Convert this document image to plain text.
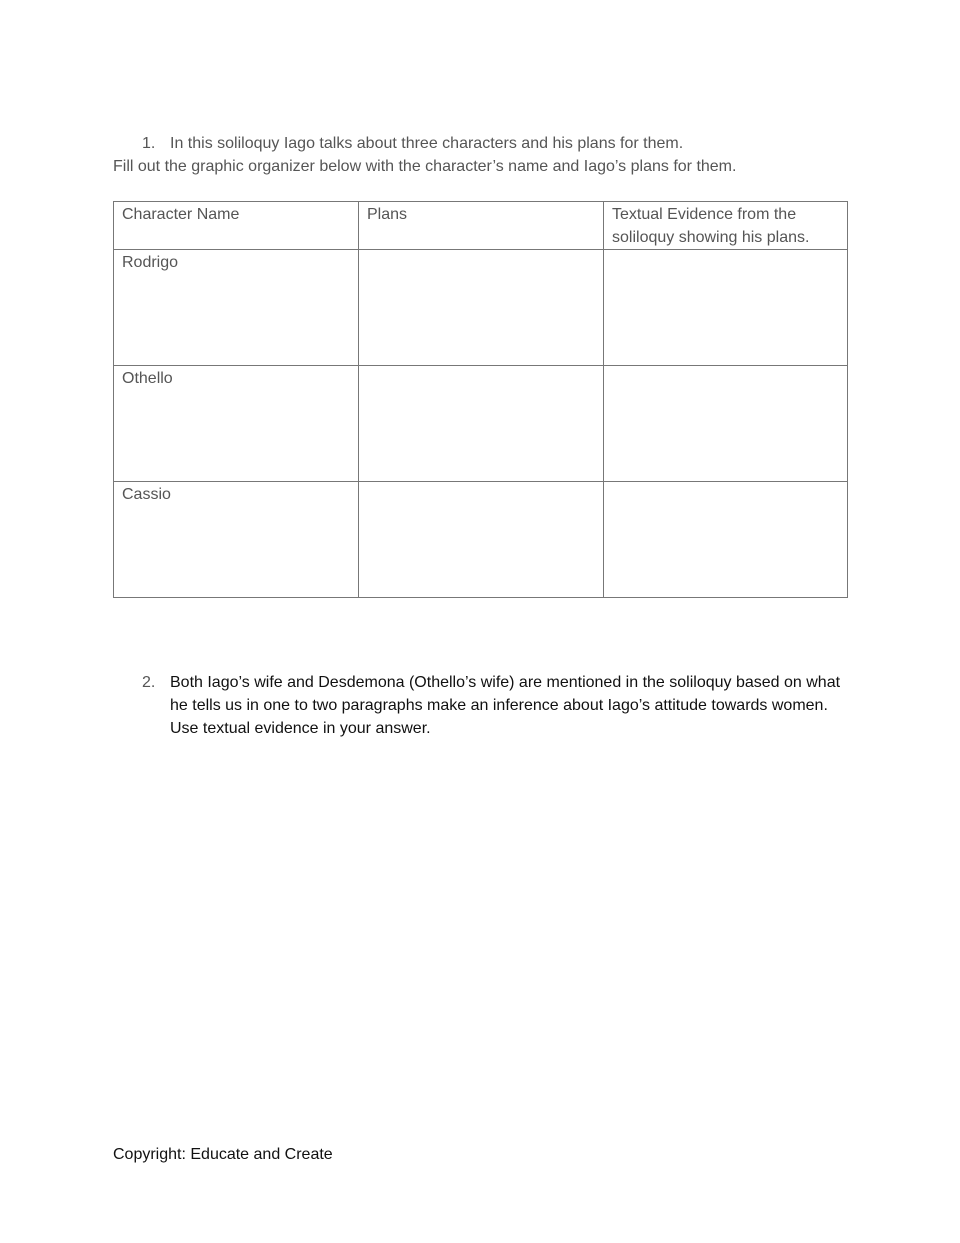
1. In this soliloquy Iago talks about three characters and his plans for them.
Fill out the graphic organizer below with the character’s name and Iago’s plans for them.
Character Name	Plans	Textual Evidence from the soliloquy showing his plans.
Rodrigo		
Othello		
Cassio		
2. Both Iago’s wife and Desdemona (Othello’s wife) are mentioned in the soliloquy based on what he tells us in one to two paragraphs make an inference about Iago’s attitude towards women. Use textual evidence in your answer.
Copyright: Educate and Create
